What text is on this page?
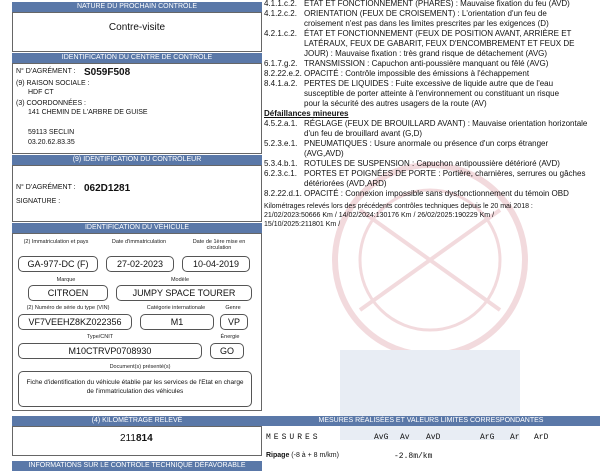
NATURE DU PROCHAIN CONTRÔLE
Contre-visite
IDENTIFICATION DU CENTRE DE CONTRÔLE
N° D'AGRÉMENT : S059F508
(9) RAISON SOCIALE :
HDF CT
(3) COORDONNÉES :
141 CHEMIN DE L'ARBRE DE GUISE
59113 SECLIN
03.20.62.83.35
(9) IDENTIFICATION DU CONTRÔLEUR
N° D'AGRÉMENT : 062D1281
SIGNATURE :
IDENTIFICATION DU VÉHICULE
(2) Immatriculation et pays	Date d'immatriculation	Date de 1ère mise en circulation
GA-977-DC (F)	27-02-2023	10-04-2019
Marque	Modèle
CITROEN	JUMPY SPACE TOURER
(2) Numéro de série du type (VIN)	Catégorie internationale	Genre
VF7VEEHZ8KZ022356	M1	VP
Type/CNIT	Énergie
M10CTRVP0708930	GO
Document(s) présenté(s)
Fiche d'identification du véhicule établie par les services de l'Etat en charge de l'immatriculation des véhicules
(4) KILOMÉTRAGE RELEVÉ
211814
INFORMATIONS SUR LE CONTRÔLE TECHNIQUE DÉFAVORABLE
4.1.1.c.2. ÉTAT ET FONCTIONNEMENT (PHARES) : Mauvaise fixation du feu (AVD)
4.1.2.c.2. ORIENTATION (FEUX DE CROISEMENT) : L'orientation d'un feu de
croisement n'est pas dans les limites prescrites par les exigences (D)
4.2.1.c.2. ÉTAT ET FONCTIONNEMENT (FEUX DE POSITION AVANT, ARRIÈRE ET
LATÉRAUX, FEUX DE GABARIT, FEUX D'ENCOMBREMENT ET FEUX DE
JOUR) : Mauvaise fixation : très grand risque de détachement (AVG)
6.1.7.g.2. TRANSMISSION : Capuchon anti-poussière manquant ou fêlé (AVG)
8.2.22.e.2. OPACITÉ : Contrôle impossible des émissions à l'échappement
8.4.1.a.2. PERTES DE LIQUIDES : Fuite excessive de liquide autre que de l'eau
susceptible de porter atteinte à l'environnement ou constituant un risque
pour la sécurité des autres usagers de la route (AV)
Défaillances mineures
4.5.2.a.1. RÉGLAGE (FEUX DE BROUILLARD AVANT) : Mauvaise orientation horizontale
d'un feu de brouillard avant (G,D)
5.2.3.e.1. PNEUMATIQUES : Usure anormale ou présence d'un corps étranger
(AVG,AVD)
5.3.4.b.1. ROTULES DE SUSPENSION : Capuchon antipoussière détérioré (AVD)
6.2.3.c.1. PORTES ET POIGNÉES DE PORTE : Portière, charnières, serrures ou gâches
détériorées (AVD,ARD)
8.2.22.d.1. OPACITÉ : Connexion impossible sans dysfonctionnement du témoin OBD
Kilométrages relevés lors des précédents contrôles techniques depuis le 20 mai 2018 :
21/02/2023:50666 Km / 14/02/2024:130176 Km / 26/02/2025:190229 Km /
15/10/2025:211801 Km /
MESURES RÉALISÉES ET VALEURS LIMITES CORRESPONDANTES
MESURES	AvG Av AvD	ArG Ar ArD
Ripage (-8 à + 8 m/km)	-2.8m/km
